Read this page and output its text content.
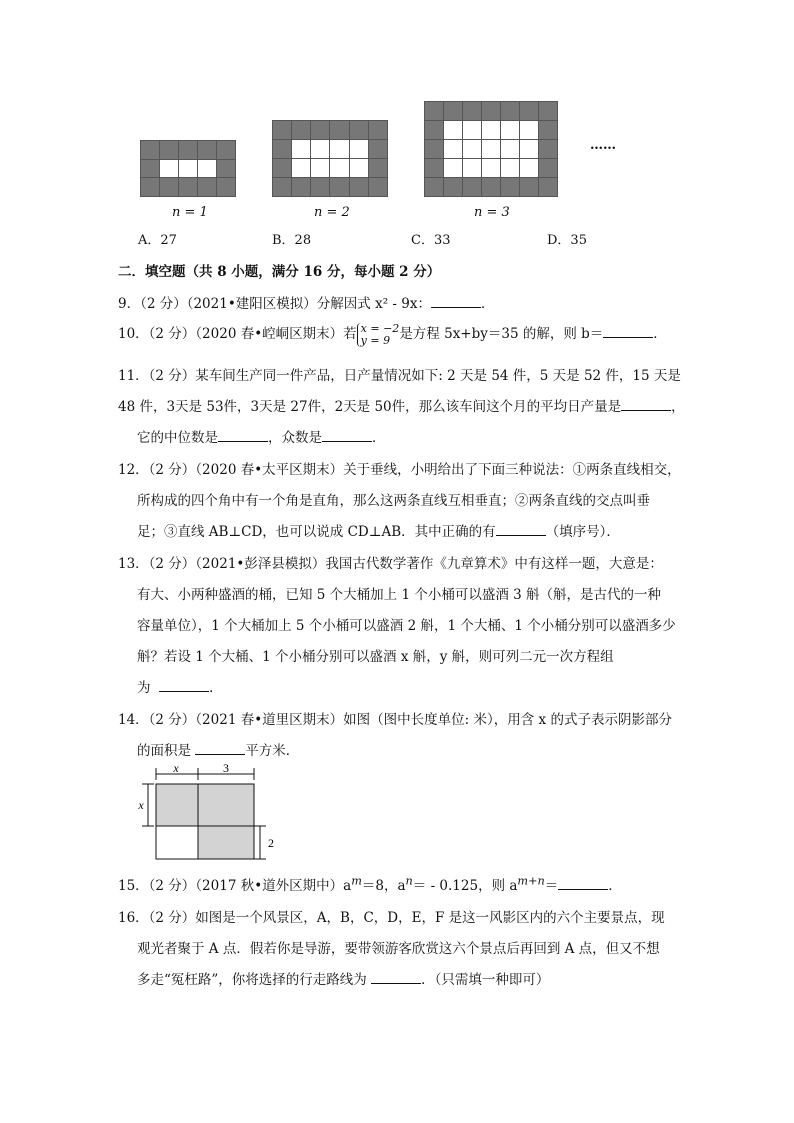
……
n = 1	n = 2	n = 3
A．27	B．28	C．33	D．35
二．填空题（共 8 小题，满分 16 分，每小题 2 分）
9．（2 分）（2021•建阳区模拟）分解因式 x² - 9x：	．
10．（2 分）（2020 春•崆峒区期末）若 x = −2
y = 9 是方程 5x+by＝35 的解，则 b＝	．
11．（2 分）某车间生产同一件产品，日产量情况如下: 2 天是 54 件，5 天是 52 件，15 天是
48 件，3天是 53件，3天是 27件，2天是 50件，那么该车间这个月的平均日产量是	，
它的中位数是	，众数是	．
12．（2 分）（2020 春•太平区期末）关于垂线，小明给出了下面三种说法：①两条直线相交，
所构成的四个角中有一个角是直角，那么这两条直线互相垂直；②两条直线的交点叫垂
足；③直线 AB⊥CD，也可以说成 CD⊥AB．其中正确的有	（填序号）．
13．（2 分）（2021•彭泽县模拟）我国古代数学著作《九章算术》中有这样一题，大意是：
有大、小两种盛酒的桶，已知 5 个大桶加上 1 个小桶可以盛酒 3 斛（斛，是古代的一种
容量单位），1 个大桶加上 5 个小桶可以盛酒 2 斛，1 个大桶、1 个小桶分别可以盛酒多少
斛？若设 1 个大桶、1 个小桶分别可以盛酒 x 斛，y 斛，则可列二元一次方程组
为	．
14．（2 分）（2021 春•道里区期末）如图（图中长度单位: 米），用含 x 的式子表示阴影部分
的面积是	平方米．
x	3
x
2
15．（2 分）（2017 秋•道外区期中）$a^m=8$，$a^n= - 0.125$，则 $a^{m+n}=$	．
16．（2 分）如图是一个风景区，A，B，C，D，E，F 是这一风影区内的六个主要景点，现
观光者聚于 A 点．假若你是导游，要带领游客欣赏这六个景点后再回到 A 点，但又不想
多走“冤枉路”，你将选择的行走路线为	．（只需填一种即可）
